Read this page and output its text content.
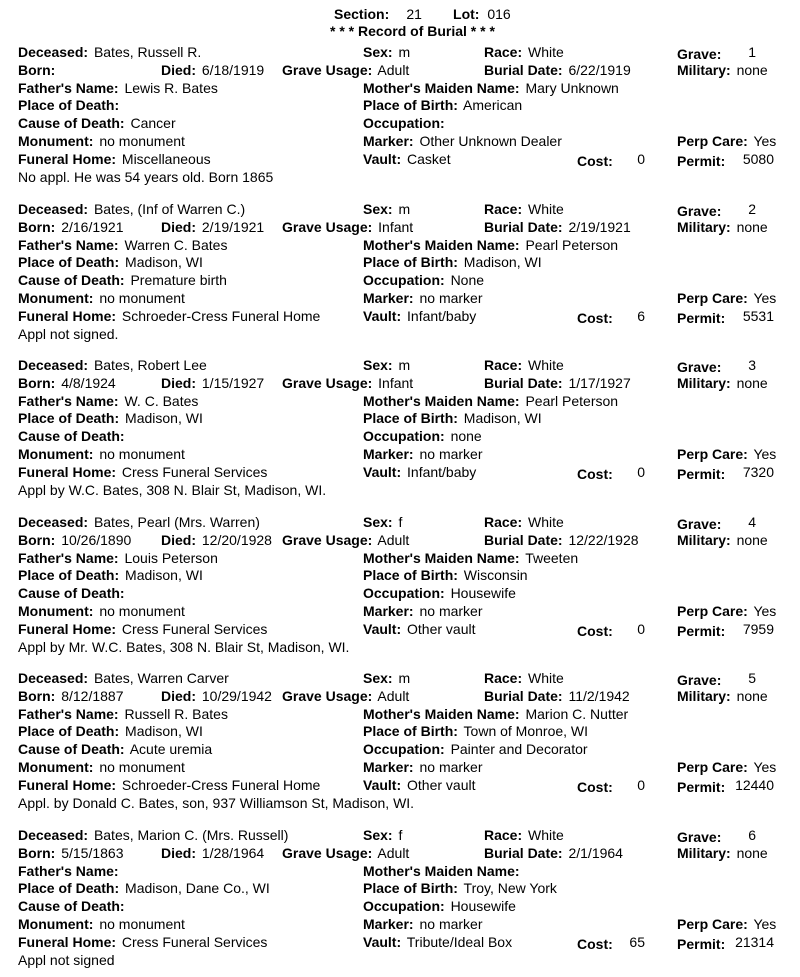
Section: 21 Lot: 016
* * * Record of Burial * * *
Deceased: Bates, Russell R.
Born:	Died: 6/18/1919 Grave Usage: Adult
Father's Name: Lewis R. Bates
Place of Death:
Cause of Death: Cancer
Monument: no monument
Funeral Home: Miscellaneous
Sex: m	Race: White
Burial Date: 6/22/1919
Mother's Maiden Name: Mary Unknown
Place of Birth: American
Occupation:
Marker: Other Unknown Dealer
Vault: Casket
Military: none
Perp Care: Yes
Grave:	1
Cost:	0 Permit:	5080
No appl. He was 54 years old. Born 1865
Deceased: Bates, (Inf of Warren C.)
Born: 2/16/1921	Died: 2/19/1921 Grave Usage: Infant
Father's Name: Warren C. Bates
Place of Death: Madison, WI
Cause of Death: Premature birth
Monument: no monument
Funeral Home: Schroeder-Cress Funeral Home
Sex: m	Race: White
Burial Date: 2/19/1921
Mother's Maiden Name: Pearl Peterson
Place of Birth: Madison, WI
Occupation: None
Marker: no marker
Vault: Infant/baby
Military: none
Perp Care: Yes
Grave:	2
Cost:	6 Permit:	5531
Appl not signed.
Deceased: Bates, Robert Lee
Born: 4/8/1924	Died: 1/15/1927 Grave Usage: Infant
Father's Name: W. C. Bates
Place of Death: Madison, WI
Cause of Death:
Monument: no monument
Funeral Home: Cress Funeral Services
Sex: m	Race: White
Burial Date: 1/17/1927
Mother's Maiden Name: Pearl Peterson
Place of Birth: Madison, WI
Occupation: none
Marker: no marker
Vault: Infant/baby
Military: none
Perp Care: Yes
Grave:	3
Cost:	0 Permit:	7320
Appl by W.C. Bates, 308 N. Blair St, Madison, WI.
Deceased: Bates, Pearl (Mrs. Warren)
Born: 10/26/1890 Died: 12/20/1928 Grave Usage: Adult
Father's Name: Louis Peterson
Place of Death: Madison, WI
Cause of Death:
Monument: no monument
Funeral Home: Cress Funeral Services
Sex: f	Race: White
Burial Date: 12/22/1928
Mother's Maiden Name: Tweeten
Place of Birth: Wisconsin
Occupation: Housewife
Marker: no marker
Vault: Other vault
Military: none
Perp Care: Yes
Grave:	4
Cost:	0 Permit:	7959
Appl by Mr. W.C. Bates, 308 N. Blair St, Madison, WI.
Deceased: Bates, Warren Carver
Born: 8/12/1887	Died: 10/29/1942 Grave Usage: Adult
Father's Name: Russell R. Bates
Place of Death: Madison, WI
Cause of Death: Acute uremia
Monument: no monument
Funeral Home: Schroeder-Cress Funeral Home
Sex: m	Race: White
Burial Date: 11/2/1942
Mother's Maiden Name: Marion C. Nutter
Place of Birth: Town of Monroe, WI
Occupation: Painter and Decorator
Marker: no marker
Vault: Other vault
Military: none
Perp Care: Yes
Grave:	5
Cost:	0 Permit: 12440
Appl. by Donald C. Bates, son, 937 Williamson St, Madison, WI.
Deceased: Bates, Marion C. (Mrs. Russell)
Born: 5/15/1863	Died: 1/28/1964 Grave Usage: Adult
Father's Name:
Place of Death: Madison, Dane Co., WI
Cause of Death:
Monument: no monument
Funeral Home: Cress Funeral Services
Sex: f	Race: White
Burial Date: 2/1/1964
Mother's Maiden Name:
Place of Birth: Troy, New York
Occupation: Housewife
Marker: no marker
Vault: Tribute/Ideal Box
Military: none
Perp Care: Yes
Grave:	6
Cost:	65 Permit: 21314
Appl not signed
